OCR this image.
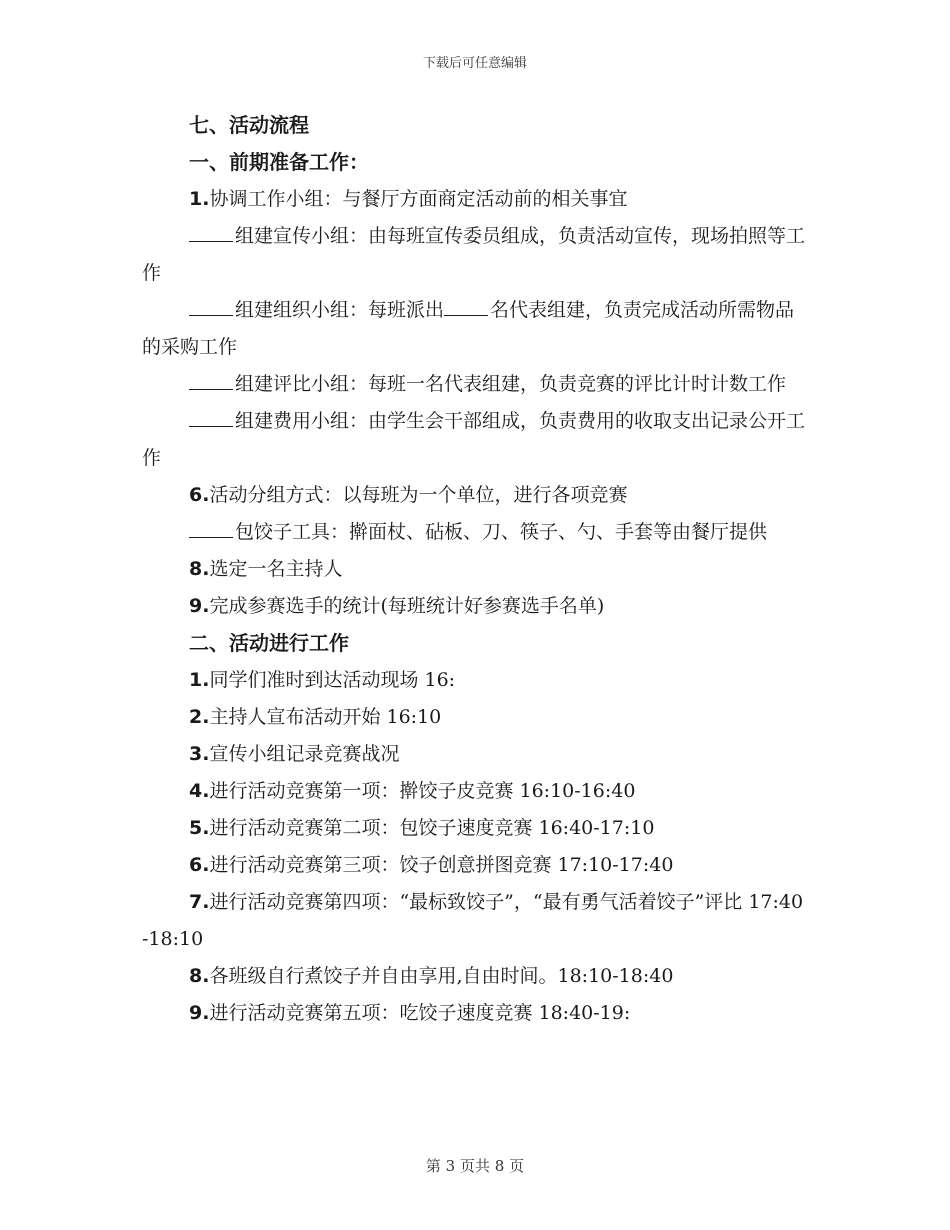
下载后可任意编辑
七、活动流程
一、前期准备工作：
1.协调工作小组：与餐厅方面商定活动前的相关事宜
组建宣传小组：由每班宣传委员组成，负责活动宣传，现场拍照等工作
组建组织小组：每班派出 名代表组建，负责完成活动所需物品的采购工作
组建评比小组：每班一名代表组建，负责竞赛的评比计时计数工作
组建费用小组：由学生会干部组成，负责费用的收取支出记录公开工作
6.活动分组方式：以每班为一个单位，进行各项竞赛
包饺子工具：擀面杖、砧板、刀、筷子、勺、手套等由餐厅提供
8.选定一名主持人
9.完成参赛选手的统计(每班统计好参赛选手名单)
二、活动进行工作
1.同学们准时到达活动现场 16:
2.主持人宣布活动开始 16:10
3.宣传小组记录竞赛战况
4.进行活动竞赛第一项：擀饺子皮竞赛 16:10-16:40
5.进行活动竞赛第二项：包饺子速度竞赛 16:40-17:10
6.进行活动竞赛第三项：饺子创意拼图竞赛 17:10-17:40
7.进行活动竞赛第四项：“最标致饺子”，“最有勇气活着饺子”评比 17:40-18:10
8.各班级自行煮饺子并自由享用,自由时间。18:10-18:40
9.进行活动竞赛第五项：吃饺子速度竞赛 18:40-19:
第 3 页共 8 页
